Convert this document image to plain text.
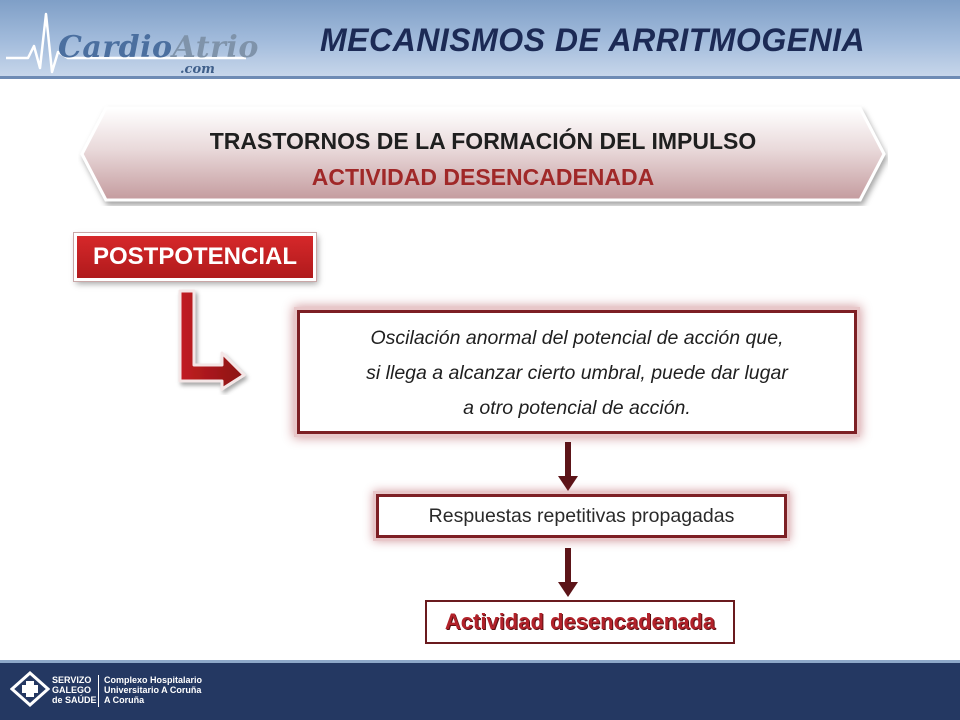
CardioAtrio
.com
MECANISMOS DE ARRITMOGENIA
TRASTORNOS DE LA FORMACIÓN DEL IMPULSO
ACTIVIDAD DESENCADENADA
POSTPOTENCIAL
Oscilación anormal del potencial de acción que,
si llega a alcanzar cierto umbral, puede dar lugar
a otro potencial de acción.
Respuestas repetitivas propagadas
Actividad desencadenada
SERVIZO
GALEGO
de SAÚDE
Complexo Hospitalario
Universitario A Coruña
A Coruña
